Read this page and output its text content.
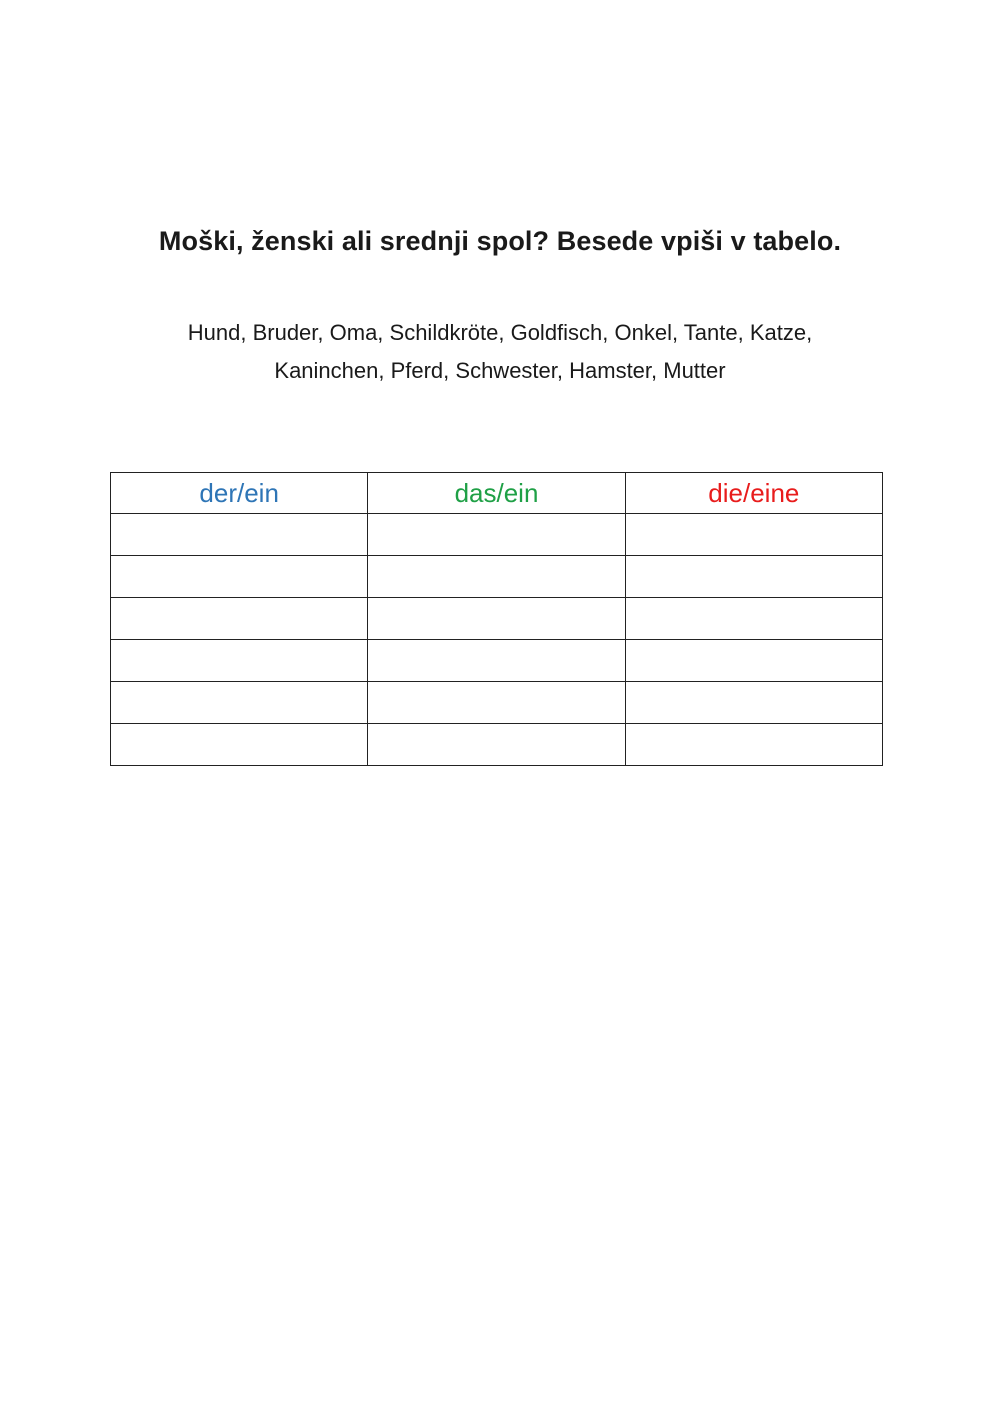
Moški, ženski ali srednji spol? Besede vpiši v tabelo.
Hund, Bruder, Oma, Schildkröte, Goldfisch, Onkel, Tante, Katze,
Kaninchen, Pferd, Schwester, Hamster, Mutter
der/ein	das/ein	die/eine
